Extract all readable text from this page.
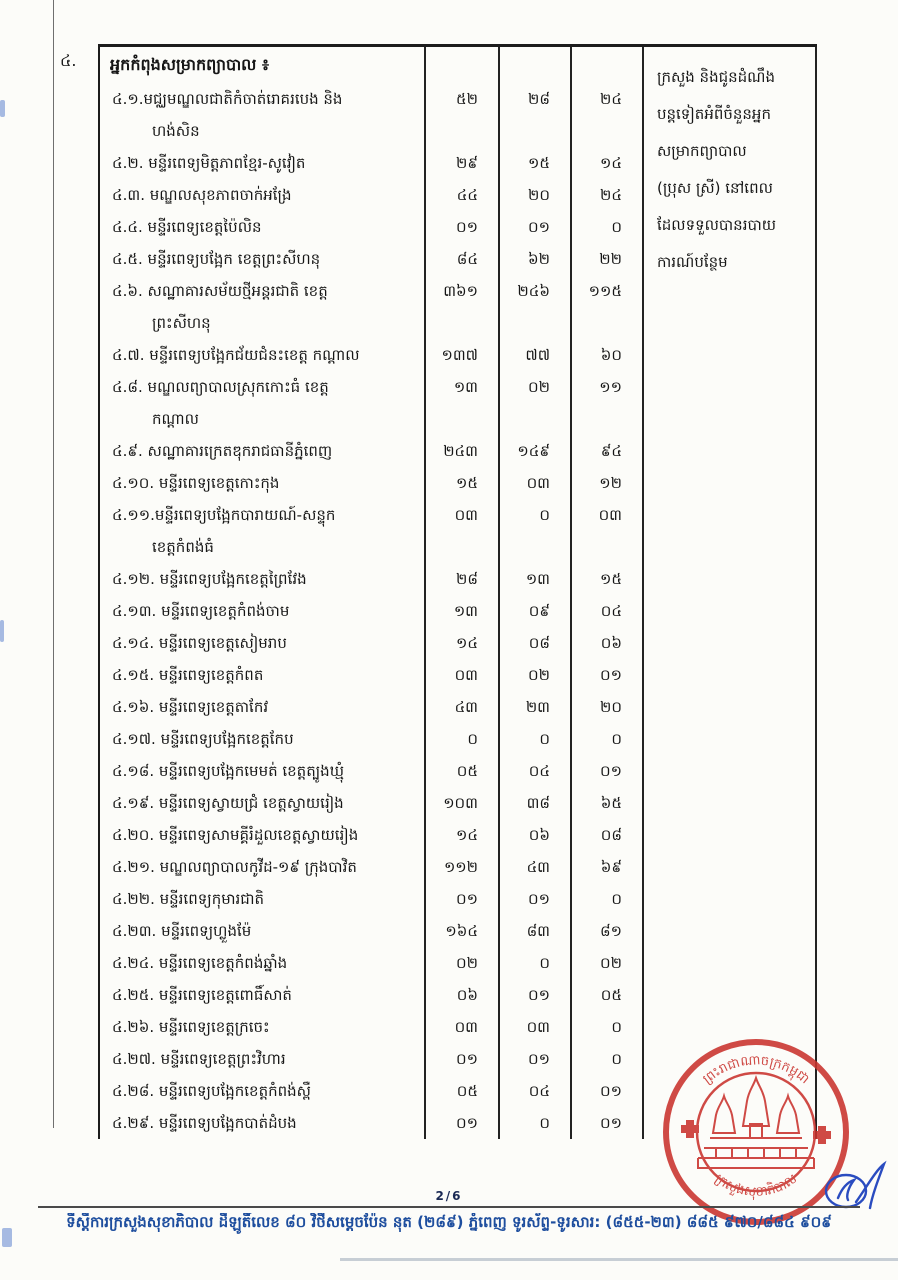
៤.
ក្រសួង និងជូនដំណឹង
បន្តទៀតអំពីចំនួនអ្នក
សម្រាកព្យាបាល
(ប្រុស ស្រី) នៅពេល
ដែលទទួលបានរបាយ
ការណ៍បន្ថែម
អ្នកកំពុងសម្រាកព្យាបាល ៖
៤.១.មជ្ឈមណ្ឌលជាតិកំចាត់រោគរបេង និង
ហង់សិន
៥២	២៨	២៤
៤.២. មន្ទីរពេទ្យមិត្តភាពខ្មែរ-សូវៀត	២៩	១៥	១៤
៤.៣. មណ្ឌលសុខភាពចាក់អង្រែ	៤៤	២០	២៤
៤.៤. មន្ទីរពេទ្យខេត្តប៉ៃលិន	០១	០១	០
៤.៥. មន្ទីរពេទ្យបង្អែក ខេត្តព្រះសីហនុ	៨៤	៦២	២២
៤.៦. សណ្ឋាគារសម័យថ្មីអន្តរជាតិ ខេត្ត
ព្រះសីហនុ
៣៦១	២៤៦	១១៥
៤.៧. មន្ទីរពេទ្យបង្អែកជ័យជំនះខេត្ត កណ្តាល	១៣៧	៧៧	៦០
៤.៨. មណ្ឌលព្យាបាលស្រុកកោះធំ ខេត្ត
កណ្តាល
១៣	០២	១១
៤.៩. សណ្ឋាគារក្រេតឌុករាជធានីភ្នំពេញ	២៤៣	១៤៩	៩៤
៤.១០. មន្ទីរពេទ្យខេត្តកោះកុង	១៥	០៣	១២
៤.១១.មន្ទីរពេទ្យបង្អែកបារាយណ៍-សន្ទុក
ខេត្តកំពង់ធំ
០៣	០	០៣
៤.១២. មន្ទីរពេទ្យបង្អែកខេត្តព្រៃវែង	២៨	១៣	១៥
៤.១៣. មន្ទីរពេទ្យខេត្តកំពង់ចាម	១៣	០៩	០៤
៤.១៤. មន្ទីរពេទ្យខេត្តសៀមរាប	១៤	០៨	០៦
៤.១៥. មន្ទីរពេទ្យខេត្តកំពត	០៣	០២	០១
៤.១៦. មន្ទីរពេទ្យខេត្តតាកែវ	៤៣	២៣	២០
៤.១៧. មន្ទីរពេទ្យបង្អែកខេត្តកែប	០	០	០
៤.១៨. មន្ទីរពេទ្យបង្អែកមេមត់ ខេត្តត្បូងឃ្មុំ	០៥	០៤	០១
៤.១៩. មន្ទីរពេទ្យស្វាយជ្រំ ខេត្តស្វាយរៀង	១០៣	៣៨	៦៥
៤.២០. មន្ទីរពេទ្យសាមគ្គីរំដួលខេត្តស្វាយរៀង	១៤	០៦	០៨
៤.២១. មណ្ឌលព្យាបាលកូវីដ-១៩ ក្រុងបាវិត	១១២	៤៣	៦៩
៤.២២. មន្ទីរពេទ្យកុមារជាតិ	០១	០១	០
៤.២៣. មន្ទីរពេទ្យហ្លួងម៉ែ	១៦៤	៨៣	៨១
៤.២៤. មន្ទីរពេទ្យខេត្តកំពង់ឆ្នាំង	០២	០	០២
៤.២៥. មន្ទីរពេទ្យខេត្តពោធិ៍សាត់	០៦	០១	០៥
៤.២៦. មន្ទីរពេទ្យខេត្តក្រចេះ	០៣	០៣	០
៤.២៧. មន្ទីរពេទ្យខេត្តព្រះវិហារ	០១	០១	០
៤.២៨. មន្ទីរពេទ្យបង្អែកខេត្តកំពង់ស្ពឺ	០៥	០៤	០១
៤.២៩. មន្ទីរពេទ្យបង្អែកបាត់ដំបង	០១	០	០១
ព្រះរាជាណាចក្រកម្ពុជា
ក្រសួងសុខាភិបាល
2/6
ទីស្តីការក្រសួងសុខាភិបាល ដីឡូតិ៍លេខ ៨០ វិថីសម្តេចប៉ែន នុត (២៨៩) ភ្នំពេញ ទូរស័ព្ទ-ទូរសារ: (៨៥៥-២៣) ៨៨៥ ៩៧០/៨៨៤ ៩០៩
